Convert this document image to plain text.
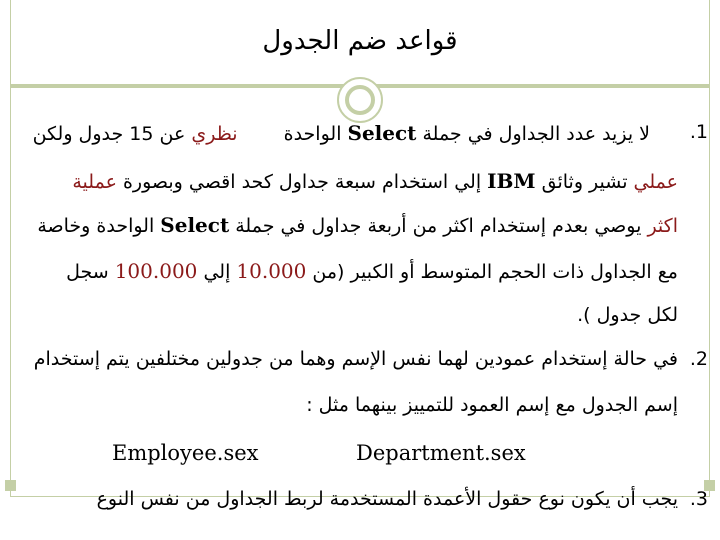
قواعد ضم الجدول
.1
لا يزيد عدد الجداول في جملة Select الواحدة نظري عن 15 جدول ولكن
عملي تشير وثائق IBM إلي استخدام سبعة جداول كحد اقصي وبصورة عملية
اكثر يوصي بعدم إستخدام اكثر من أربعة جداول في جملة Select الواحدة وخاصة
مع الجداول ذات الحجم المتوسط أو الكبير (من 10.000 إلي 100.000 سجل
لكل جدول ).
.2
في حالة إستخدام عمودين لهما نفس الإسم وهما من جدولين مختلفين يتم إستخدام
إسم الجدول مع إسم العمود للتمييز بينهما مثل :
Department.sex
Employee.sex
.3
يجب أن يكون نوع حقول الأعمدة المستخدمة لربط الجداول من نفس النوع
